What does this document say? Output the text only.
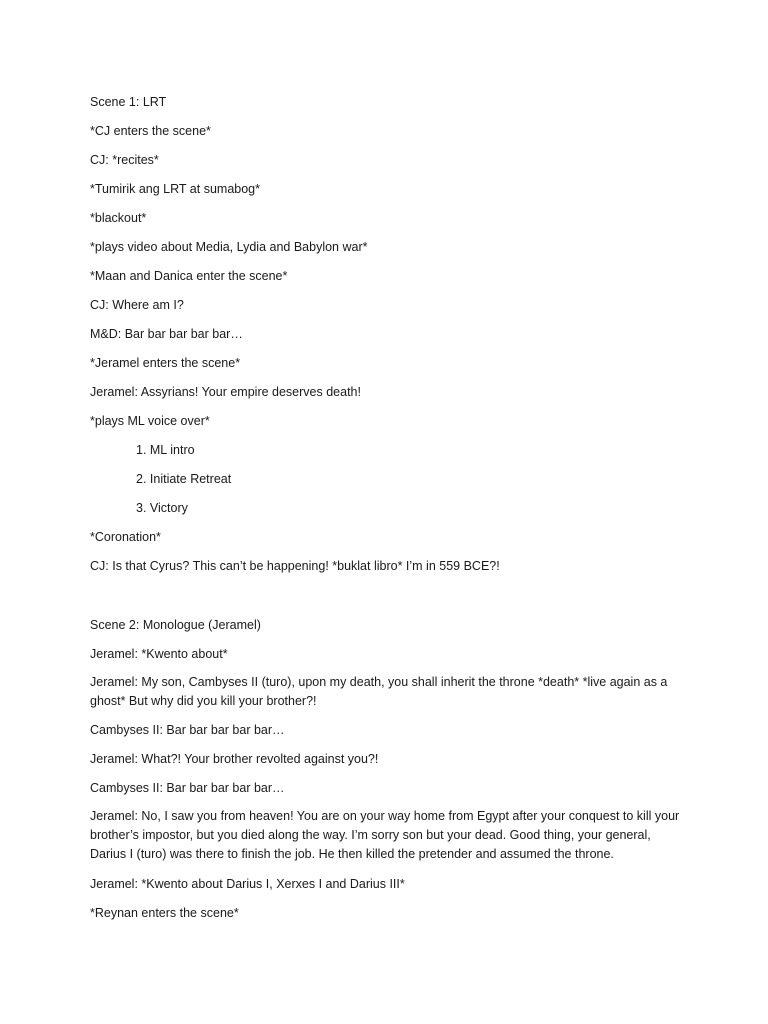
Scene 1: LRT
*CJ enters the scene*
CJ: *recites*
*Tumirik ang LRT at sumabog*
*blackout*
*plays video about Media, Lydia and Babylon war*
*Maan and Danica enter the scene*
CJ: Where am I?
M&D: Bar bar bar bar bar…
*Jeramel enters the scene*
Jeramel: Assyrians! Your empire deserves death!
*plays ML voice over*
1. ML intro
2. Initiate Retreat
3. Victory
*Coronation*
CJ: Is that Cyrus? This can’t be happening! *buklat libro* I’m in 559 BCE?!
Scene 2: Monologue (Jeramel)
Jeramel: *Kwento about*
Jeramel: My son, Cambyses II (turo), upon my death, you shall inherit the throne *death* *live again as a ghost* But why did you kill your brother?!
Cambyses II: Bar bar bar bar bar…
Jeramel: What?! Your brother revolted against you?!
Cambyses II: Bar bar bar bar bar…
Jeramel: No, I saw you from heaven! You are on your way home from Egypt after your conquest to kill your brother’s impostor, but you died along the way. I’m sorry son but your dead. Good thing, your general, Darius I (turo) was there to finish the job. He then killed the pretender and assumed the throne.
Jeramel: *Kwento about Darius I, Xerxes I and Darius III*
*Reynan enters the scene*
